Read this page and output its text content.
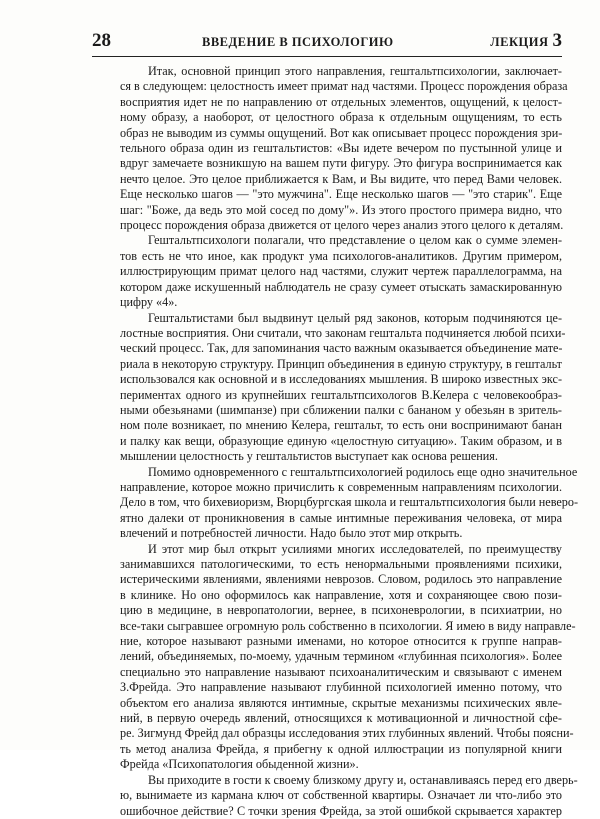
28	ВВЕДЕНИЕ В ПСИХОЛОГИЮ	ЛЕКЦИЯ 3

Итак, основной принцип этого направления, гештальтпсихологии, заключает-
ся в следующем: целостность имеет примат над частями. Процесс порождения образа
восприятия идет не по направлению от отдельных элементов, ощущений, к целост-
ному образу, а наоборот, от целостного образа к отдельным ощущениям, то есть
образ не выводим из суммы ощущений. Вот как описывает процесс порождения зри-
тельного образа один из гештальтистов: «Вы идете вечером по пустынной улице и
вдруг замечаете возникшую на вашем пути фигуру. Это фигура воспринимается как
нечто целое. Это целое приближается к Вам, и Вы видите, что перед Вами человек.
Еще несколько шагов — "это мужчина". Еще несколько шагов — "это старик". Еще
шаг: "Боже, да ведь это мой сосед по дому"». Из этого простого примера видно, что
процесс порождения образа движется от целого через анализ этого целого к деталям.
Гештальтпсихологи полагали, что представление о целом как о сумме элемен-
тов есть не что иное, как продукт ума психологов-аналитиков. Другим примером,
иллюстрирующим примат целого над частями, служит чертеж параллелограмма, на
котором даже искушенный наблюдатель не сразу сумеет отыскать замаскированную
цифру «4».

Гештальтистами был выдвинут целый ряд законов, которым подчиняются це-
лостные восприятия. Они считали, что законам гештальта подчиняется любой психи-
ческий процесс. Так, для запоминания часто важным оказывается объединение мате-
риала в некоторую структуру. Принцип объединения в единую структуру, в гештальт
использовался как основной и в исследованиях мышления. В широко известных экс-
периментах одного из крупнейших гештальтпсихологов В.Келера с человекообраз-
ными обезьянами (шимпанзе) при сближении палки с бананом у обезьян в зритель-
ном поле возникает, по мнению Келера, гештальт, то есть они воспринимают банан
и палку как вещи, образующие единую «целостную ситуацию». Таким образом, и в
мышлении целостность у гештальтистов выступает как основа решения.
Помимо одновременного с гештальтпсихологией родилось еще одно значительное
направление, которое можно причислить к современным направлениям психологии.
Дело в том, что бихевиоризм, Вюрцбургская школа и гештальтпсихология были неверо-
ятно далеки от проникновения в самые интимные переживания человека, от мира
влечений и потребностей личности. Надо было этот мир открыть.

И этот мир был открыт усилиями многих исследователей, по преимуществу
занимавшихся патологическими, то есть ненормальными проявлениями психики,
истерическими явлениями, явлениями неврозов. Словом, родилось это направление
в клинике. Но оно оформилось как направление, хотя и сохраняющее свою пози-
цию в медицине, в невропатологии, вернее, в психоневрологии, в психиатрии, но
все-таки сыгравшее огромную роль собственно в психологии. Я имею в виду направле-
ние, которое называют разными именами, но которое относится к группе направ-
лений, объединяемых, по-моему, удачным термином «глубинная психология». Более
специально это направление называют психоаналитическим и связывают с именем
З.Фрейда. Это направление называют глубинной психологией именно потому, что
объектом его анализа являются интимные, скрытые механизмы психических явле-
ний, в первую очередь явлений, относящихся к мотивационной и личностной сфе-
ре. Зигмунд Фрейд дал образцы исследования этих глубинных явлений. Чтобы поясни-
ть метод анализа Фрейда, я прибегну к одной иллюстрации из популярной книги
Фрейда «Психопатология обыденной жизни».

Вы приходите в гости к своему близкому другу и, останавливаясь перед его дверь-
ю, вынимаете из кармана ключ от собственной квартиры. Означает ли что-либо это
ошибочное действие? С точки зрения Фрейда, за этой ошибкой скрывается характер
